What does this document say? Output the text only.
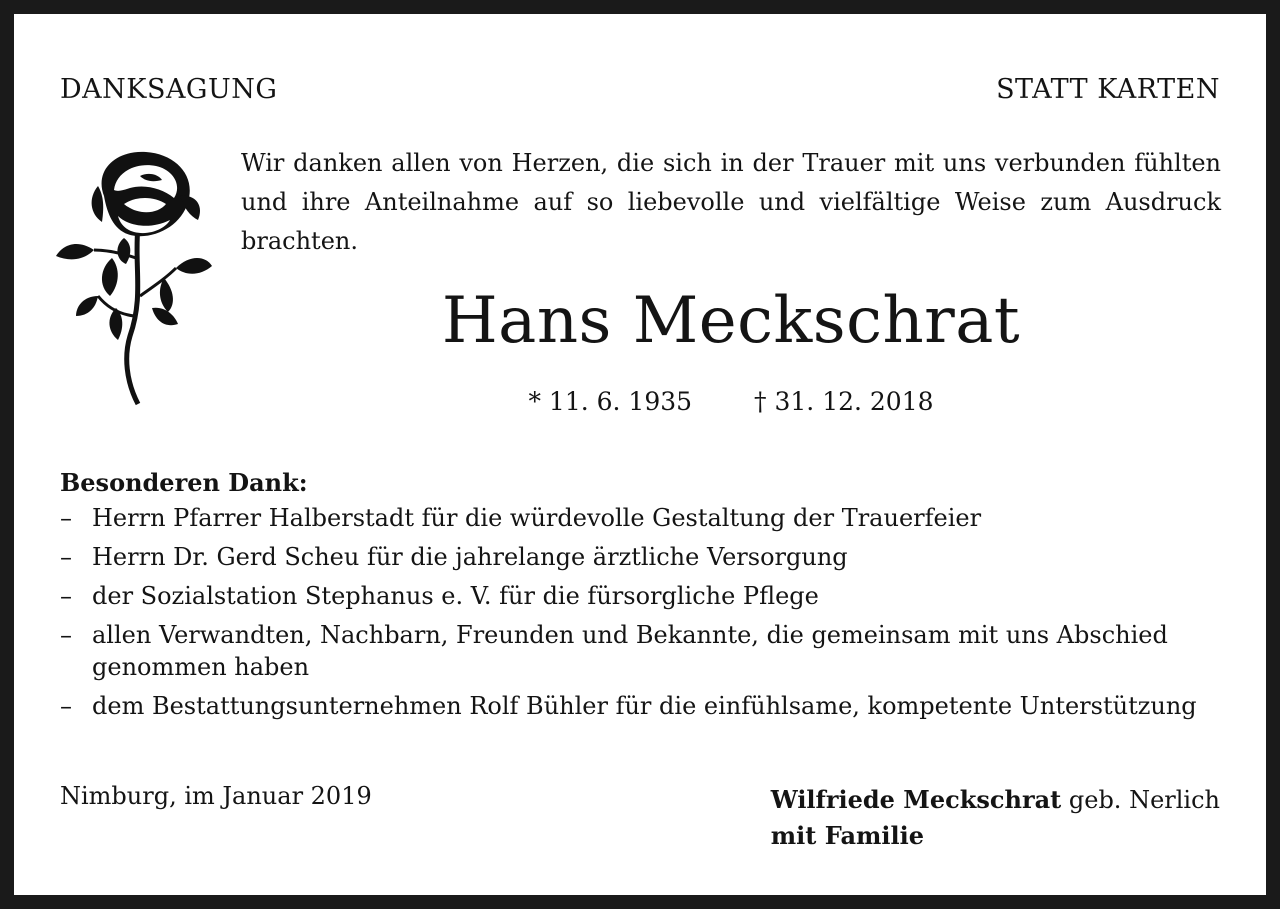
DANKSAGUNG	STATT KARTEN

Wir danken allen von Herzen, die sich in der Trauer mit uns verbunden fühlten und ihre Anteilnahme auf so liebevolle und vielfältige Weise zum Ausdruck brachten.

Hans Meckschrat

* 11. 6. 1935 † 31. 12. 2018

Besonderen Dank:

– Herrn Pfarrer Halberstadt für die würdevolle Gestaltung der Trauerfeier
– Herrn Dr. Gerd Scheu für die jahrelange ärztliche Versorgung
– der Sozialstation Stephanus e. V. für die fürsorgliche Pflege
– allen Verwandten, Nachbarn, Freunden und Bekannte, die gemeinsam mit uns Abschied genommen haben
– dem Bestattungsunternehmen Rolf Bühler für die einfühlsame, kompetente Unterstützung

Nimburg, im Januar 2019	Wilfriede Meckschrat geb. Nerlich
mit Familie
